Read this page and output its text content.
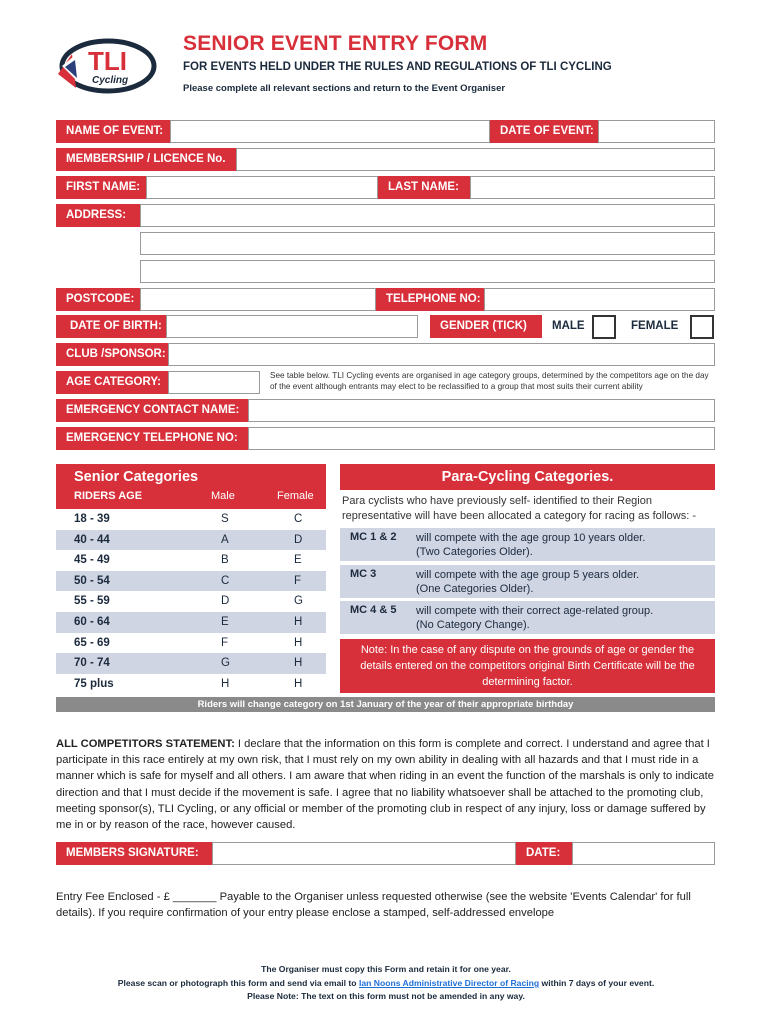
TLI
Cycling
SENIOR EVENT ENTRY FORM
FOR EVENTS HELD UNDER THE RULES AND REGULATIONS OF TLI CYCLING
Please complete all relevant sections and return to the Event Organiser
NAME OF EVENT:	DATE OF EVENT:
MEMBERSHIP / LICENCE No.
FIRST NAME:	LAST NAME:
ADDRESS:
POSTCODE:	TELEPHONE NO:
DATE OF BIRTH:	GENDER (TICK)	MALE	FEMALE
CLUB /SPONSOR:
AGE CATEGORY:
See table below. TLI Cycling events are organised in age category groups, determined by the competitors age on the day of the event although entrants may elect to be reclassified to a group that most suits their current ability
EMERGENCY CONTACT NAME:
EMERGENCY TELEPHONE NO:
Senior Categories
RIDERS AGE	Male	Female
18 - 39	S	C
40 - 44	A	D
45 - 49	B	E
50 - 54	C	F
55 - 59	D	G
60 - 64	E	H
65 - 69	F	H
70 - 74	G	H
75 plus	H	H
Para-Cycling Categories.
Para cyclists who have previously self- identified to their Region representative will have been allocated a category for racing as follows: -
MC 1 & 2 will compete with the age group 10 years older.
(Two Categories Older).
MC 3	will compete with the age group 5 years older.
(One Categories Older).
MC 4 & 5 will compete with their correct age-related group.
(No Category Change).
Note: In the case of any dispute on the grounds of age or gender the details entered on the competitors original Birth Certificate will be the determining factor.
Riders will change category on 1st January of the year of their appropriate birthday
ALL COMPETITORS STATEMENT: I declare that the information on this form is complete and correct. I understand and agree that I participate in this race entirely at my own risk, that I must rely on my own ability in dealing with all hazards and that I must ride in a manner which is safe for myself and all others. I am aware that when riding in an event the function of the marshals is only to indicate direction and that I must decide if the movement is safe. I agree that no liability whatsoever shall be attached to the promoting club, meeting sponsor(s), TLI Cycling, or any official or member of the promoting club in respect of any injury, loss or damage suffered by me in or by reason of the race, however caused.
MEMBERS SIGNATURE:	DATE:
Entry Fee Enclosed - £ _______ Payable to the Organiser unless requested otherwise (see the website 'Events Calendar' for full details). If you require confirmation of your entry please enclose a stamped, self-addressed envelope
The Organiser must copy this Form and retain it for one year.
Please scan or photograph this form and send via email to Ian Noons Administrative Director of Racing within 7 days of your event.
Please Note: The text on this form must not be amended in any way.
